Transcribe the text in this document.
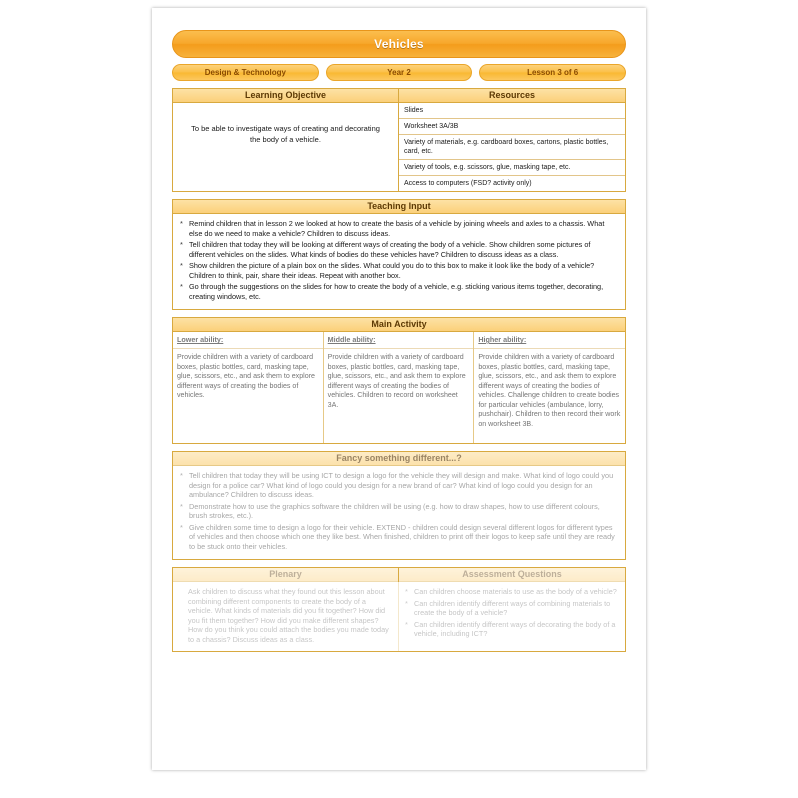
Vehicles
Design & Technology	Year 2	Lesson 3 of 6
Learning Objective	Resources
To be able to investigate ways of creating and decorating the body of a vehicle.
Slides
Worksheet 3A/3B
Variety of materials, e.g. cardboard boxes, cartons, plastic bottles, card, etc.
Variety of tools, e.g. scissors, glue, masking tape, etc.
Access to computers (FSD? activity only)
Teaching Input
* Remind children that in lesson 2 we looked at how to create the basis of a vehicle by joining wheels and axles to a chassis. What else do we need to make a vehicle? Children to discuss ideas.
* Tell children that today they will be looking at different ways of creating the body of a vehicle. Show children some pictures of different vehicles on the slides. What kinds of bodies do these vehicles have? Children to discuss ideas as a class.
* Show children the picture of a plain box on the slides. What could you do to this box to make it look like the body of a vehicle? Children to think, pair, share their ideas. Repeat with another box.
* Go through the suggestions on the slides for how to create the body of a vehicle, e.g. sticking various items together, decorating, creating windows, etc.
Main Activity
Lower ability:
Provide children with a variety of cardboard boxes, plastic bottles, card, masking tape, glue, scissors, etc., and ask them to explore different ways of creating the bodies of vehicles.
Middle ability:
Provide children with a variety of cardboard boxes, plastic bottles, card, masking tape, glue, scissors, etc., and ask them to explore different ways of creating the bodies of vehicles. Children to record on worksheet 3A.
Higher ability:
Provide children with a variety of cardboard boxes, plastic bottles, card, masking tape, glue, scissors, etc., and ask them to explore different ways of creating the bodies of vehicles. Challenge children to create bodies for particular vehicles (ambulance, lorry, pushchair). Children to then record their work on worksheet 3B.
Fancy something different...?
* Tell children that today they will be using ICT to design a logo for the vehicle they will design and make. What kind of logo could you design for a police car? What kind of logo could you design for a new brand of car? What kind of logo could you design for an ambulance? Children to discuss ideas.
* Demonstrate how to use the graphics software the children will be using (e.g. how to draw shapes, how to use different colours, brush strokes, etc.).
* Give children some time to design a logo for their vehicle. EXTEND - children could design several different logos for different types of vehicles and then choose which one they like best. When finished, children to print off their logos to keep safe until they are ready to be stuck onto their vehicles.
Plenary	Assessment Questions
Ask children to discuss what they found out this lesson about combining different components to create the body of a vehicle. What kinds of materials did you fit together? How did you fit them together? How did you make different shapes? How do you think you could attach the bodies you made today to a chassis? Discuss ideas as a class.
* Can children choose materials to use as the body of a vehicle?
* Can children identify different ways of combining materials to create the body of a vehicle?
* Can children identify different ways of decorating the body of a vehicle, including ICT?
